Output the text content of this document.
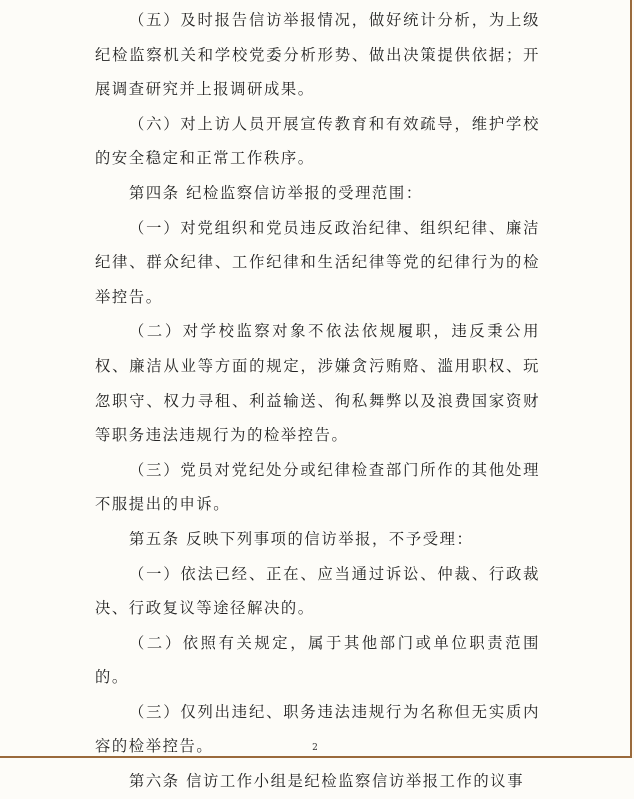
（五）及时报告信访举报情况，做好统计分析，为上级纪检监察机关和学校党委分析形势、做出决策提供依据；开展调查研究并上报调研成果。

（六）对上访人员开展宣传教育和有效疏导，维护学校的安全稳定和正常工作秩序。

第四条 纪检监察信访举报的受理范围：

（一）对党组织和党员违反政治纪律、组织纪律、廉洁纪律、群众纪律、工作纪律和生活纪律等党的纪律行为的检举控告。

（二）对学校监察对象不依法依规履职，违反秉公用权、廉洁从业等方面的规定，涉嫌贪污贿赂、滥用职权、玩忽职守、权力寻租、利益输送、徇私舞弊以及浪费国家资财等职务违法违规行为的检举控告。

（三）党员对党纪处分或纪律检查部门所作的其他处理不服提出的申诉。

第五条 反映下列事项的信访举报，不予受理：

（一）依法已经、正在、应当通过诉讼、仲裁、行政裁决、行政复议等途径解决的。

（二）依照有关规定，属于其他部门或单位职责范围的。

（三）仅列出违纪、职务违法违规行为名称但无实质内容的检举控告。

第六条 信访工作小组是纪检监察信访举报工作的议事

2
